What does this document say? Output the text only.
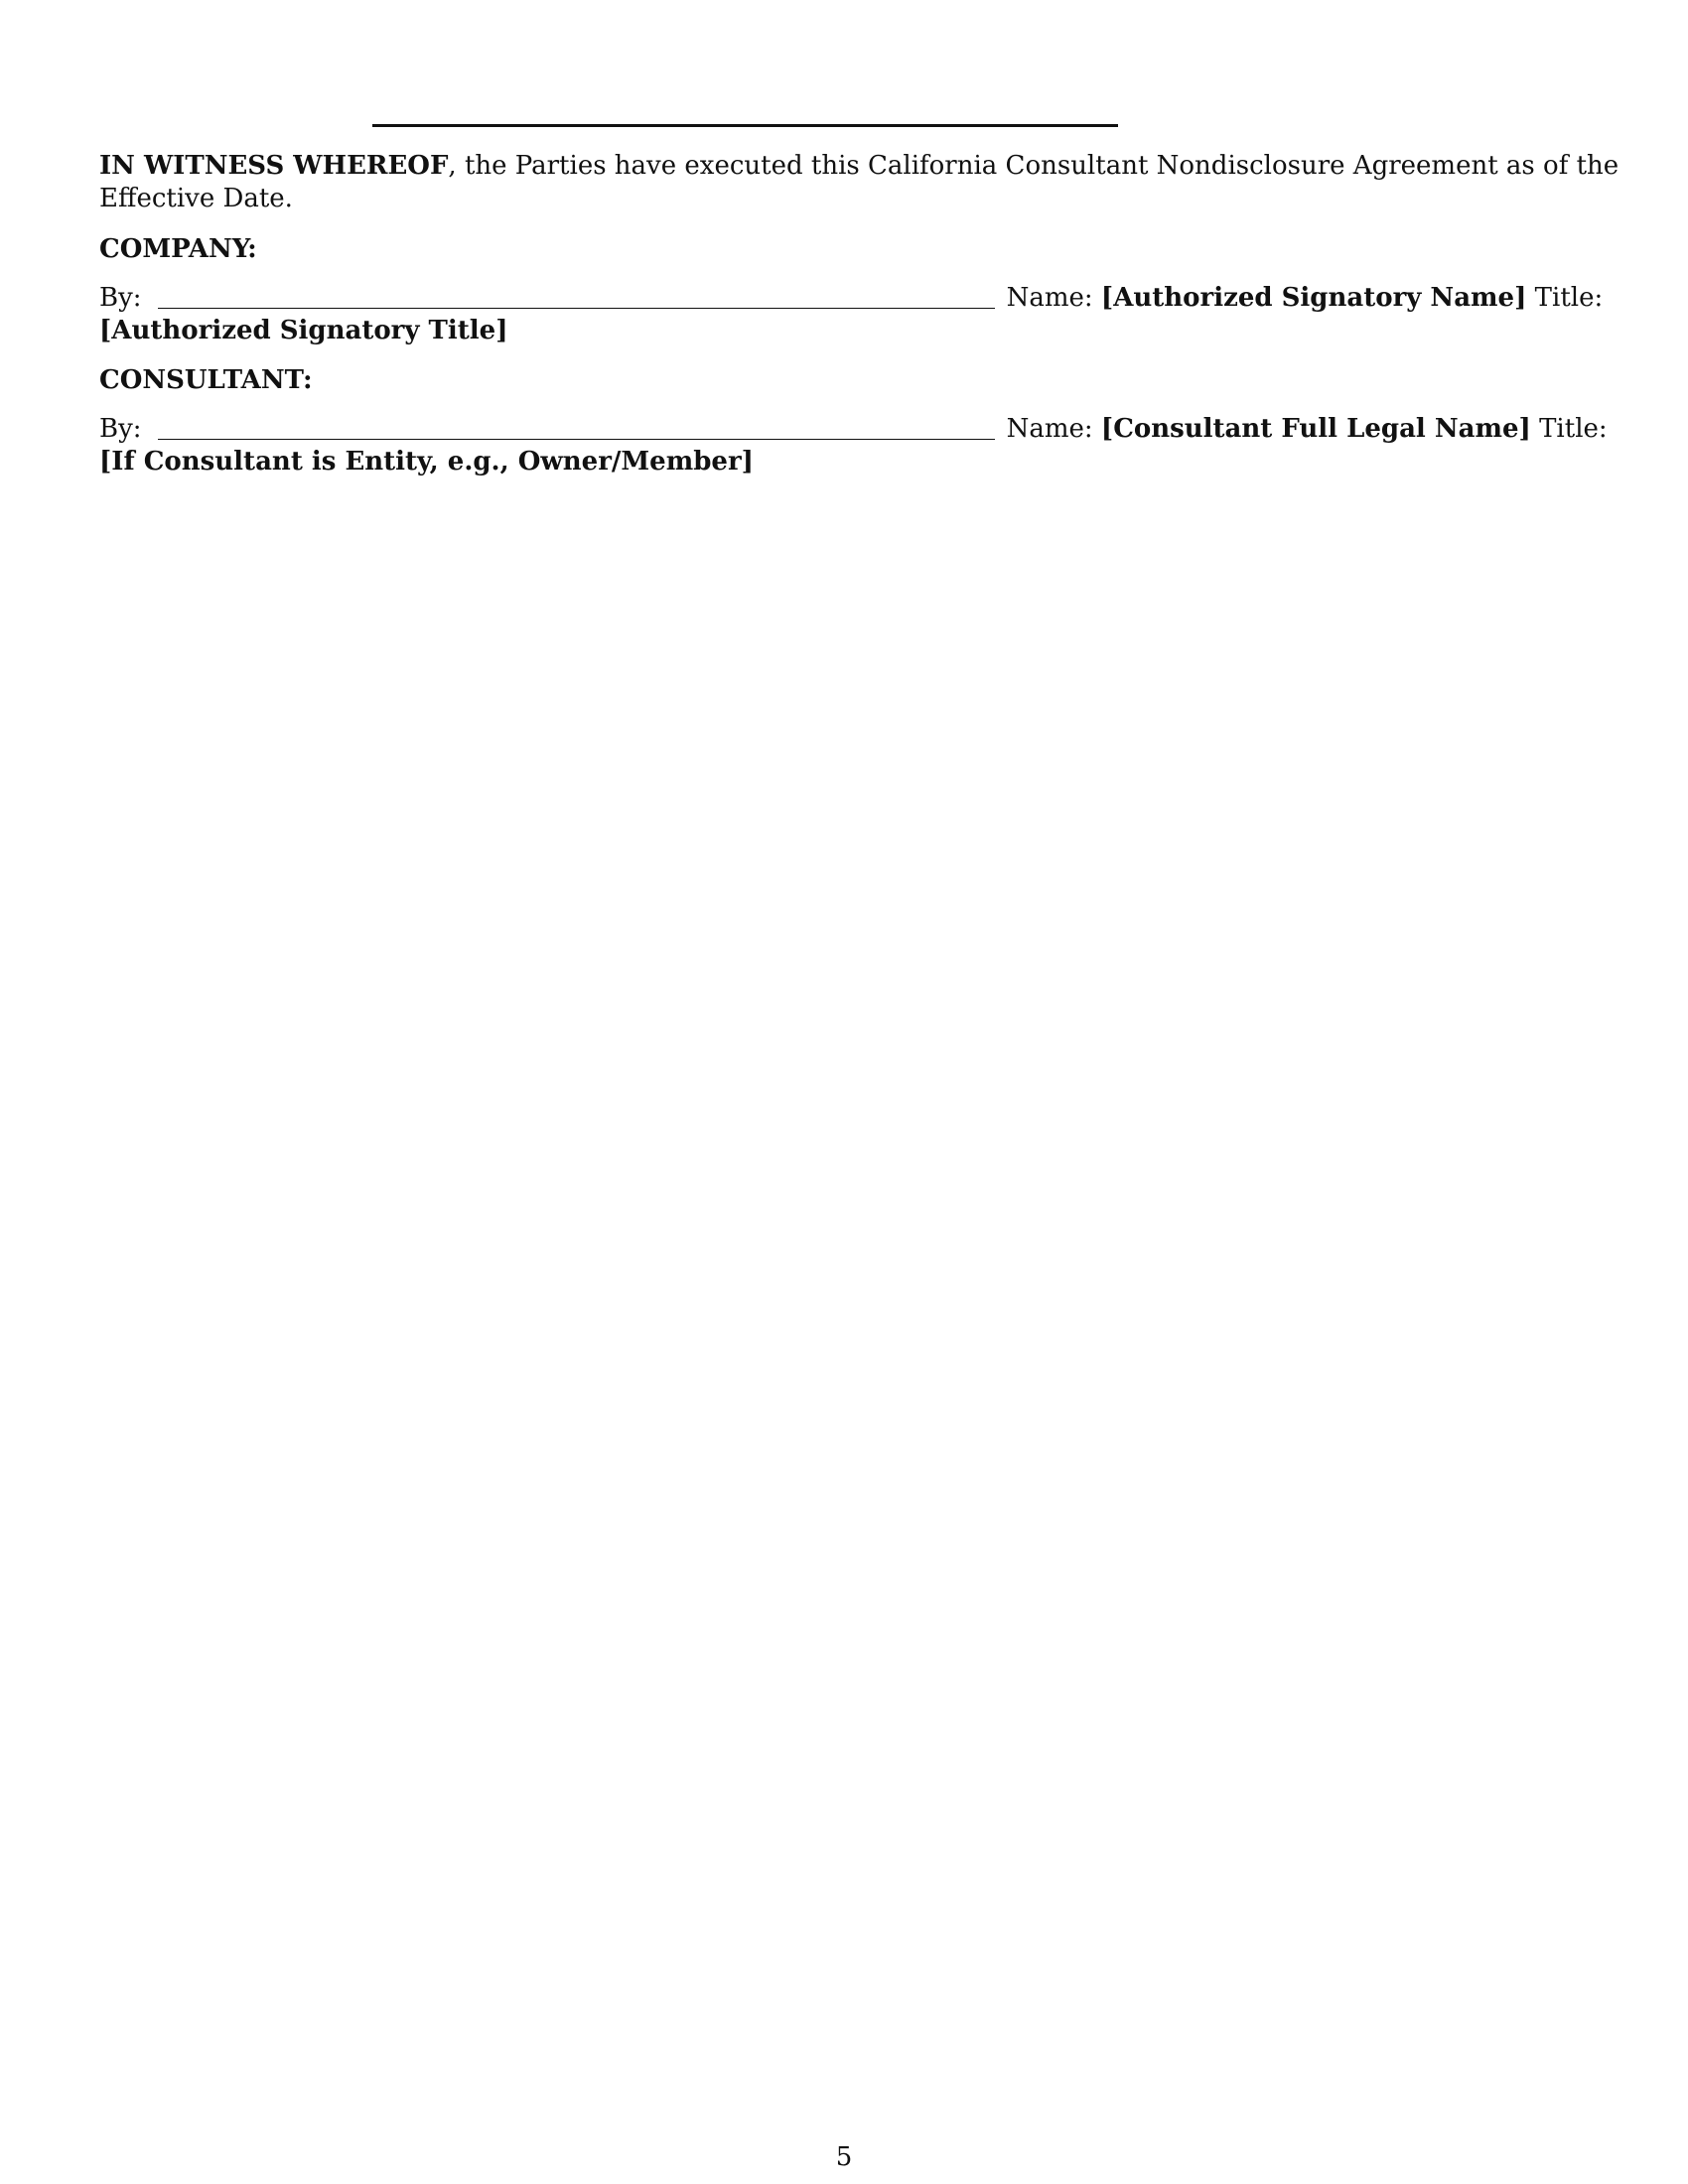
IN WITNESS WHEREOF, the Parties have executed this California Consultant Nondisclosure Agreement as of the
Effective Date.
COMPANY:
By:	Name: [Authorized Signatory Name] Title:
[Authorized Signatory Title]
CONSULTANT:
By:	Name: [Consultant Full Legal Name] Title:
[If Consultant is Entity, e.g., Owner/Member]
5
